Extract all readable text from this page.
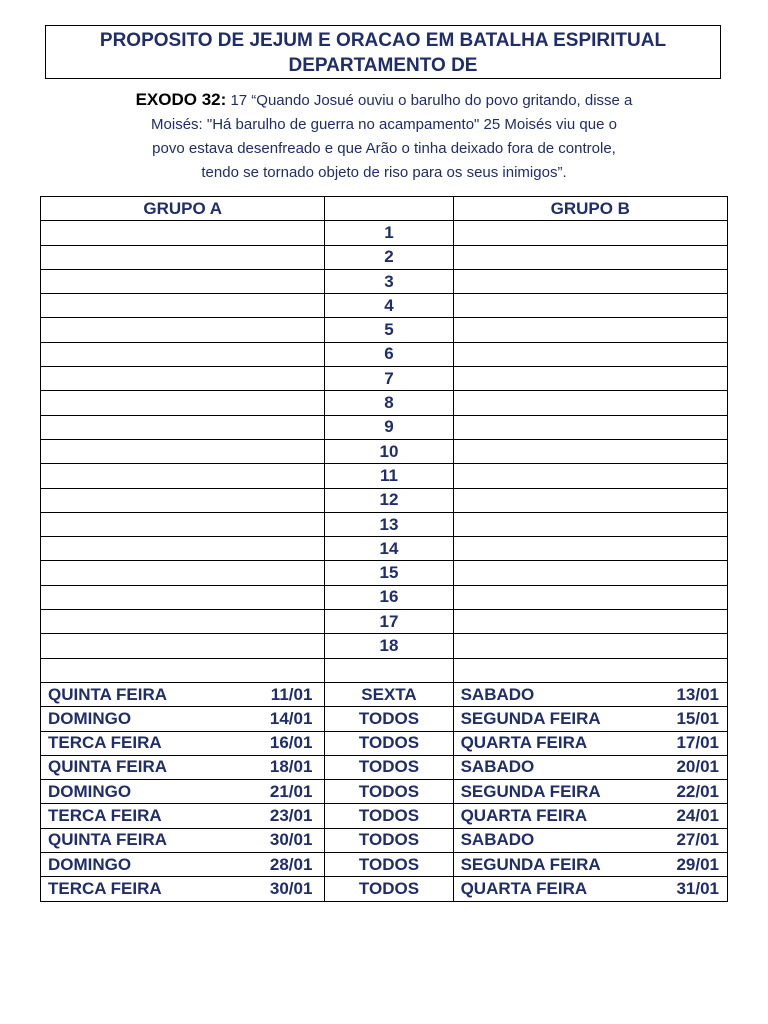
PROPOSITO DE JEJUM E ORACAO EM BATALHA ESPIRITUAL
DEPARTAMENTO DE
EXODO 32: 17 “Quando Josué ouviu o barulho do povo gritando, disse a
Moisés: "Há barulho de guerra no acampamento" 25 Moisés viu que o
povo estava desenfreado e que Arão o tinha deixado fora de controle,
tendo se tornado objeto de riso para os seus inimigos”.
GRUPO A		GRUPO B
	1	
	2	
	3	
	4	
	5	
	6	
	7	
	8	
	9	
	10	
	11	
	12	
	13	
	14	
	15	
	16	
	17	
	18	

QUINTA FEIRA 11/01	SEXTA	SABADO 13/01

DOMINGO 14/01	TODOS	SEGUNDA FEIRA 15/01

TERCA FEIRA 16/01	TODOS	QUARTA FEIRA 17/01

QUINTA FEIRA 18/01	TODOS	SABADO 20/01

DOMINGO 21/01	TODOS	SEGUNDA FEIRA 22/01

TERCA FEIRA 23/01	TODOS	QUARTA FEIRA 24/01

QUINTA FEIRA 30/01	TODOS	SABADO 27/01

DOMINGO 28/01	TODOS	SEGUNDA FEIRA 29/01

TERCA FEIRA 30/01	TODOS	QUARTA FEIRA 31/01
